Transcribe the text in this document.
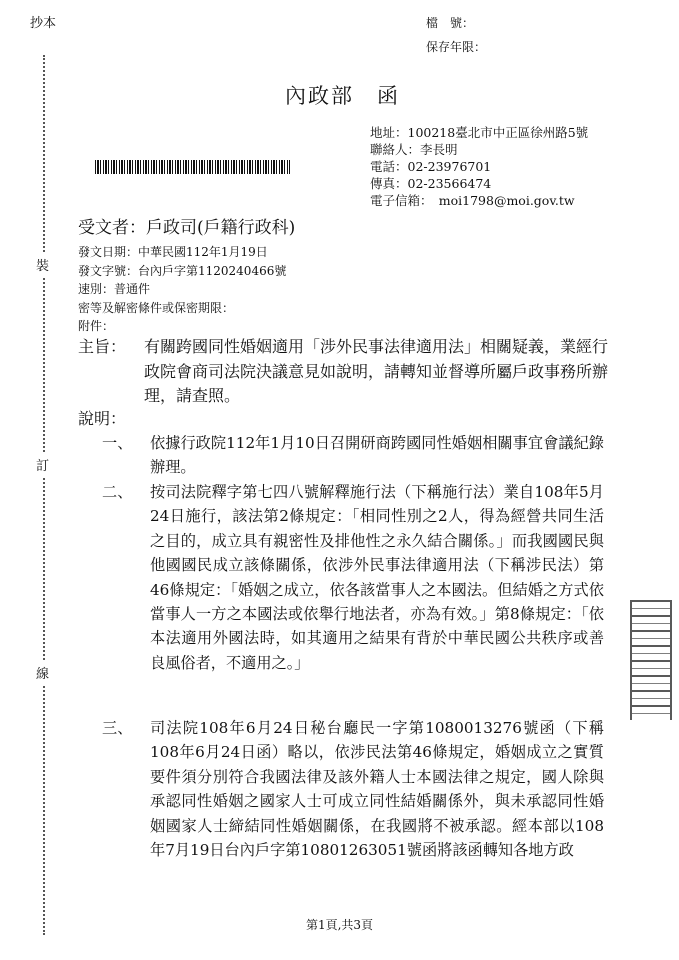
抄本	檔　號：
保存年限：
裝
訂
線
內政部　函
地址：100218臺北市中正區徐州路5號
聯絡人：李長明
電話：02-23976701
傳真：02-23566474
電子信箱：　moi1798@moi.gov.tw
受文者：戶政司(戶籍行政科)
發文日期：中華民國112年1月19日
發文字號：台內戶字第1120240466號
速別：普通件
密等及解密條件或保密期限：
附件：
主旨： 有關跨國同性婚姻適用「涉外民事法律適用法」相關疑義，業經行政院會商司法院決議意見如說明，請轉知並督導所屬戶政事務所辦理，請查照。
說明：
一、 依據行政院112年1月10日召開研商跨國同性婚姻相關事宜會議紀錄辦理。
二、 按司法院釋字第七四八號解釋施行法（下稱施行法）業自108年5月24日施行，該法第2條規定：「相同性別之2人，得為經營共同生活之目的，成立具有親密性及排他性之永久結合關係。」而我國國民與他國國民成立該條關係，依涉外民事法律適用法（下稱涉民法）第46條規定：「婚姻之成立，依各該當事人之本國法。但結婚之方式依當事人一方之本國法或依舉行地法者，亦為有效。」第8條規定：「依本法適用外國法時，如其適用之結果有背於中華民國公共秩序或善良風俗者，不適用之。」
三、 司法院108年6月24日秘台廳民一字第1080013276號函（下稱108年6月24日函）略以，依涉民法第46條規定，婚姻成立之實質要件須分別符合我國法律及該外籍人士本國法律之規定，國人除與承認同性婚姻之國家人士可成立同性結婚關係外，與未承認同性婚姻國家人士締結同性婚姻關係，在我國將不被承認。經本部以108年7月19日台內戶字第10801263051號函將該函轉知各地方政
第1頁,共3頁
